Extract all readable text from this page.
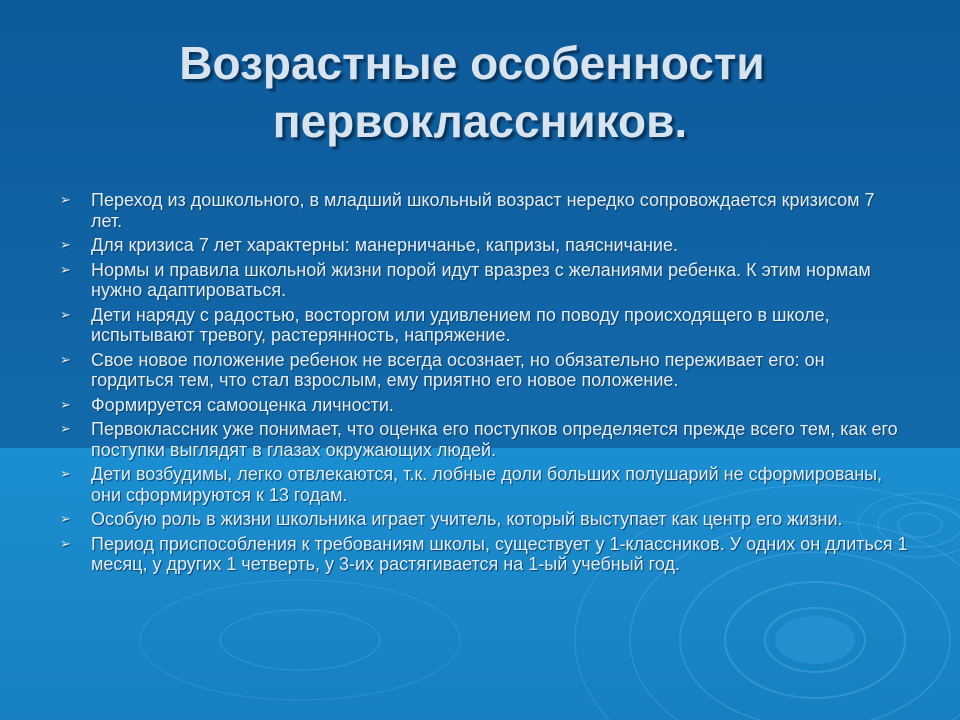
Возрастные особенности
первоклассников.
➢ Переход из дошкольного, в младший школьный возраст нередко сопровождается кризисом 7 лет.
➢ Для кризиса 7 лет характерны: манерничанье, капризы, паясничание.
➢ Нормы и правила школьной жизни порой идут вразрез с желаниями ребенка. К этим нормам нужно адаптироваться.
➢ Дети наряду с радостью, восторгом или удивлением по поводу происходящего в школе, испытывают тревогу, растерянность, напряжение.
➢ Свое новое положение ребенок не всегда осознает, но обязательно переживает его: он гордиться тем, что стал взрослым, ему приятно его новое положение.
➢ Формируется самооценка личности.
➢ Первоклассник уже понимает, что оценка его поступков определяется прежде всего тем, как его поступки выглядят в глазах окружающих людей.
➢ Дети возбудимы, легко отвлекаются, т.к. лобные доли больших полушарий не сформированы, они сформируются к 13 годам.
➢ Особую роль в жизни школьника играет учитель, который выступает как центр его жизни.
➢ Период приспособления к требованиям школы, существует у 1-классников. У одних он длиться 1 месяц, у других 1 четверть, у 3-их растягивается на 1-ый учебный год.
